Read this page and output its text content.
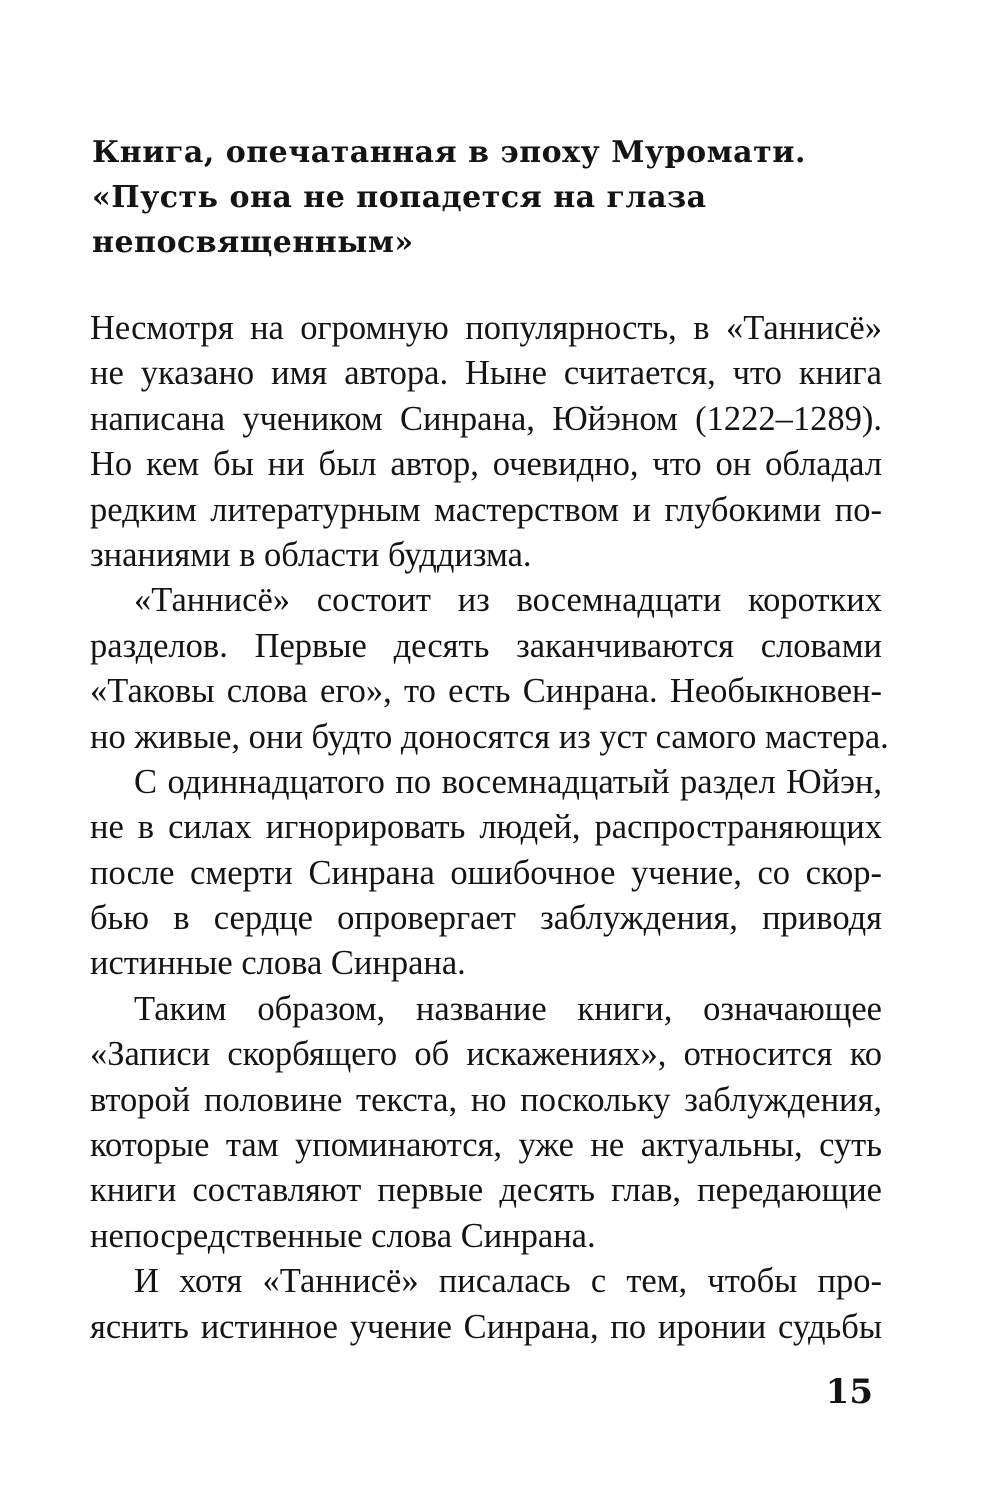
Книга, опечатанная в эпоху Муромати.
«Пусть она не попадется на глаза
непосвященным»
Несмотря на огромную популярность, в «Таннисё»
не указано имя автора. Ныне считается, что книга
написана учеником Синрана, Юйэном (1222–1289).
Но кем бы ни был автор, очевидно, что он обладал
редким литературным мастерством и глубокими по-
знаниями в области буддизма.
«Таннисё» состоит из восемнадцати коротких
разделов. Первые десять заканчиваются словами
«Таковы слова его», то есть Синрана. Необыкновен-
но живые, они будто доносятся из уст самого мастера.
С одиннадцатого по восемнадцатый раздел Юйэн,
не в силах игнорировать людей, распространяющих
после смерти Синрана ошибочное учение, со скор-
бью в сердце опровергает заблуждения, приводя
истинные слова Синрана.
Таким образом, название книги, означающее
«Записи скорбящего об искажениях», относится ко
второй половине текста, но поскольку заблуждения,
которые там упоминаются, уже не актуальны, суть
книги составляют первые десять глав, передающие
непосредственные слова Синрана.
И хотя «Таннисё» писалась с тем, чтобы про-
яснить истинное учение Синрана, по иронии судьбы
15
